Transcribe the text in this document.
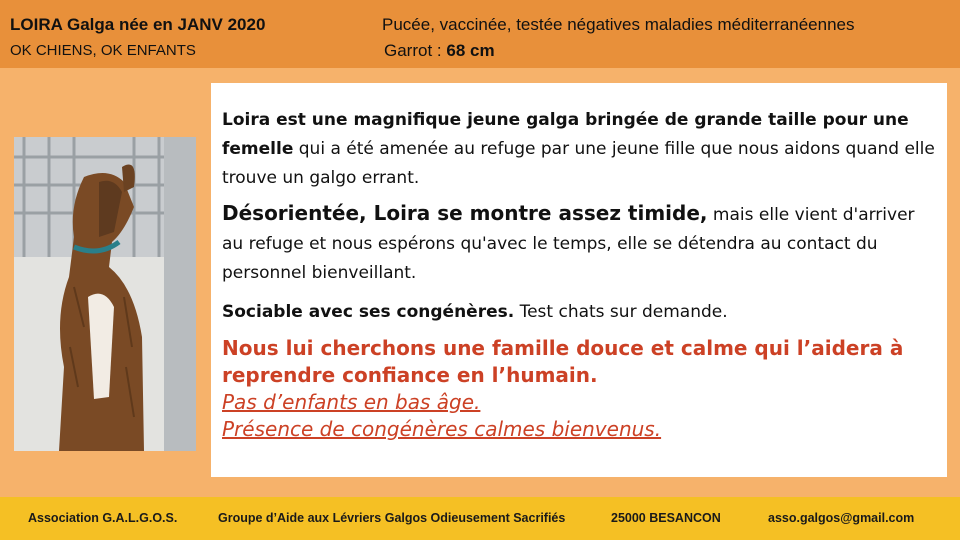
LOIRA Galga née en JANV 2020
OK CHIENS, OK ENFANTS
Pucée, vaccinée, testée négatives maladies méditerranéennes
Garrot : 68 cm

Loira est une magnifique jeune galga bringée de grande taille pour une femelle qui a été amenée au refuge par une jeune fille que nous aidons quand elle trouve un galgo errant.

Désorientée, Loira se montre assez timide, mais elle vient d'arriver au refuge et nous espérons qu'avec le temps, elle se détendra au contact du personnel bienveillant.

Sociable avec ses congénères. Test chats sur demande.

Nous lui cherchons une famille douce et calme qui l’aidera à reprendre confiance en l’humain.

Pas d’enfants en bas âge.
Présence de congénères calmes bienvenus.
Association G.A.L.G.O.S.	Groupe d’Aide aux Lévriers Galgos Odieusement Sacrifiés	25000 BESANCON	asso.galgos@gmail.com
